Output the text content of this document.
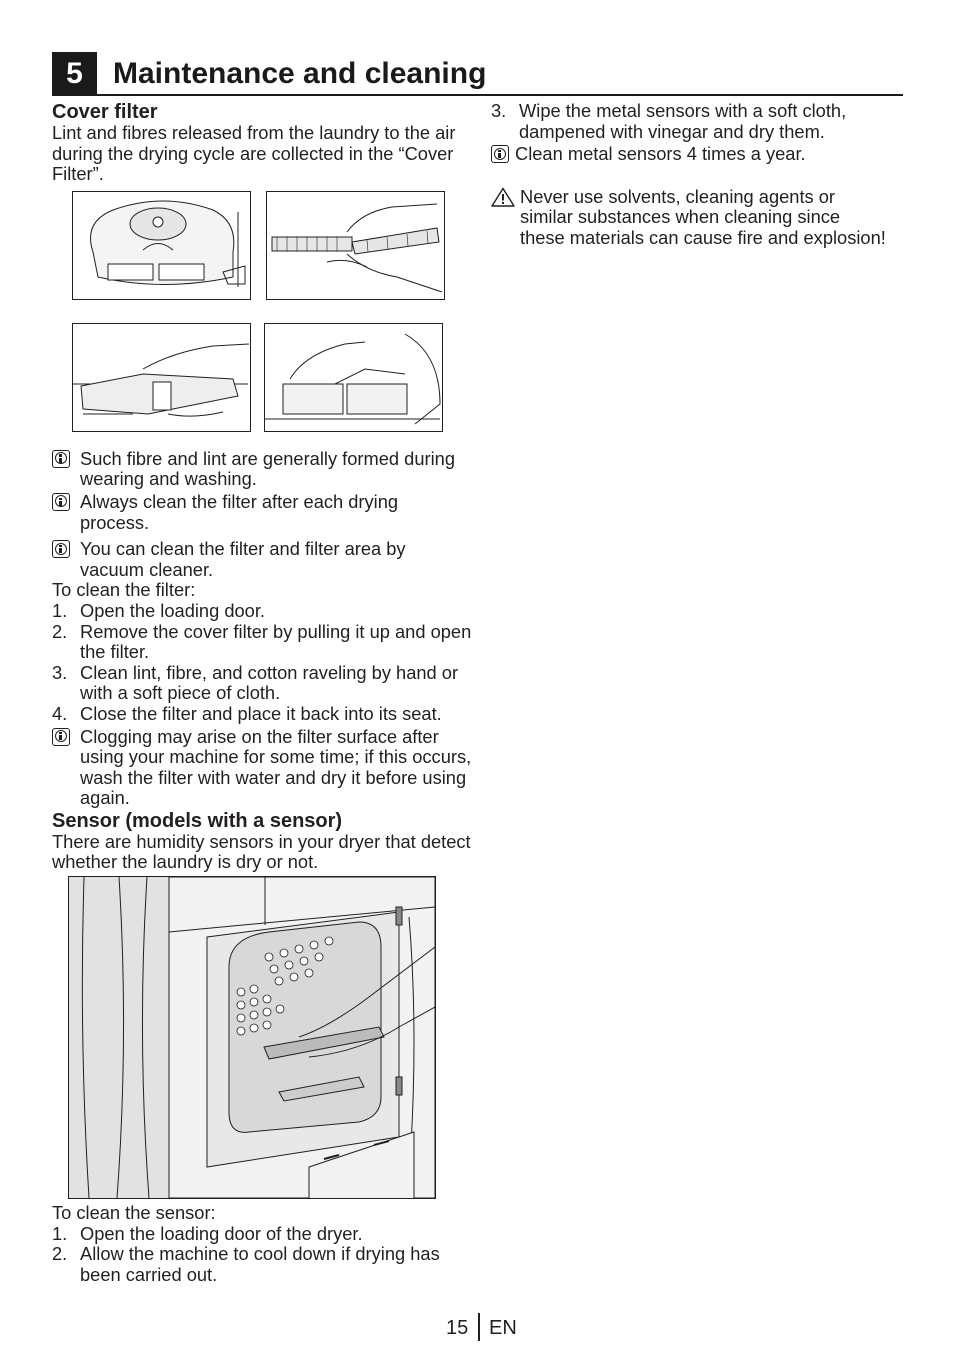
5	Maintenance and cleaning
Cover filter

Lint and fibres released from the laundry to the air during the drying cycle are collected in the “Cover Filter”.

Such fibre and lint are generally formed during wearing and washing.
Always clean the filter after each drying process.
You can clean the filter and filter area by vacuum cleaner.

To clean the filter:

1. Open the loading door.
2. Remove the cover filter by pulling it up and open the filter.
3. Clean lint, fibre, and cotton raveling by hand or with a soft piece of cloth.
4. Close the filter and place it back into its seat.
Clogging may arise on the filter surface after using your machine for some time; if this occurs, wash the filter with water and dry it before using again.
Sensor (models with a sensor)

There are humidity sensors in your dryer that detect whether the laundry is dry or not.

To clean the sensor:

1. Open the loading door of the dryer.
2. Allow the machine to cool down if drying has been carried out.
3. Wipe the metal sensors with a soft cloth, dampened with vinegar and dry them.
Clean metal sensors 4 times a year.
Never use solvents, cleaning agents or similar substances when cleaning since these materials can cause fire and explosion!
15 EN
